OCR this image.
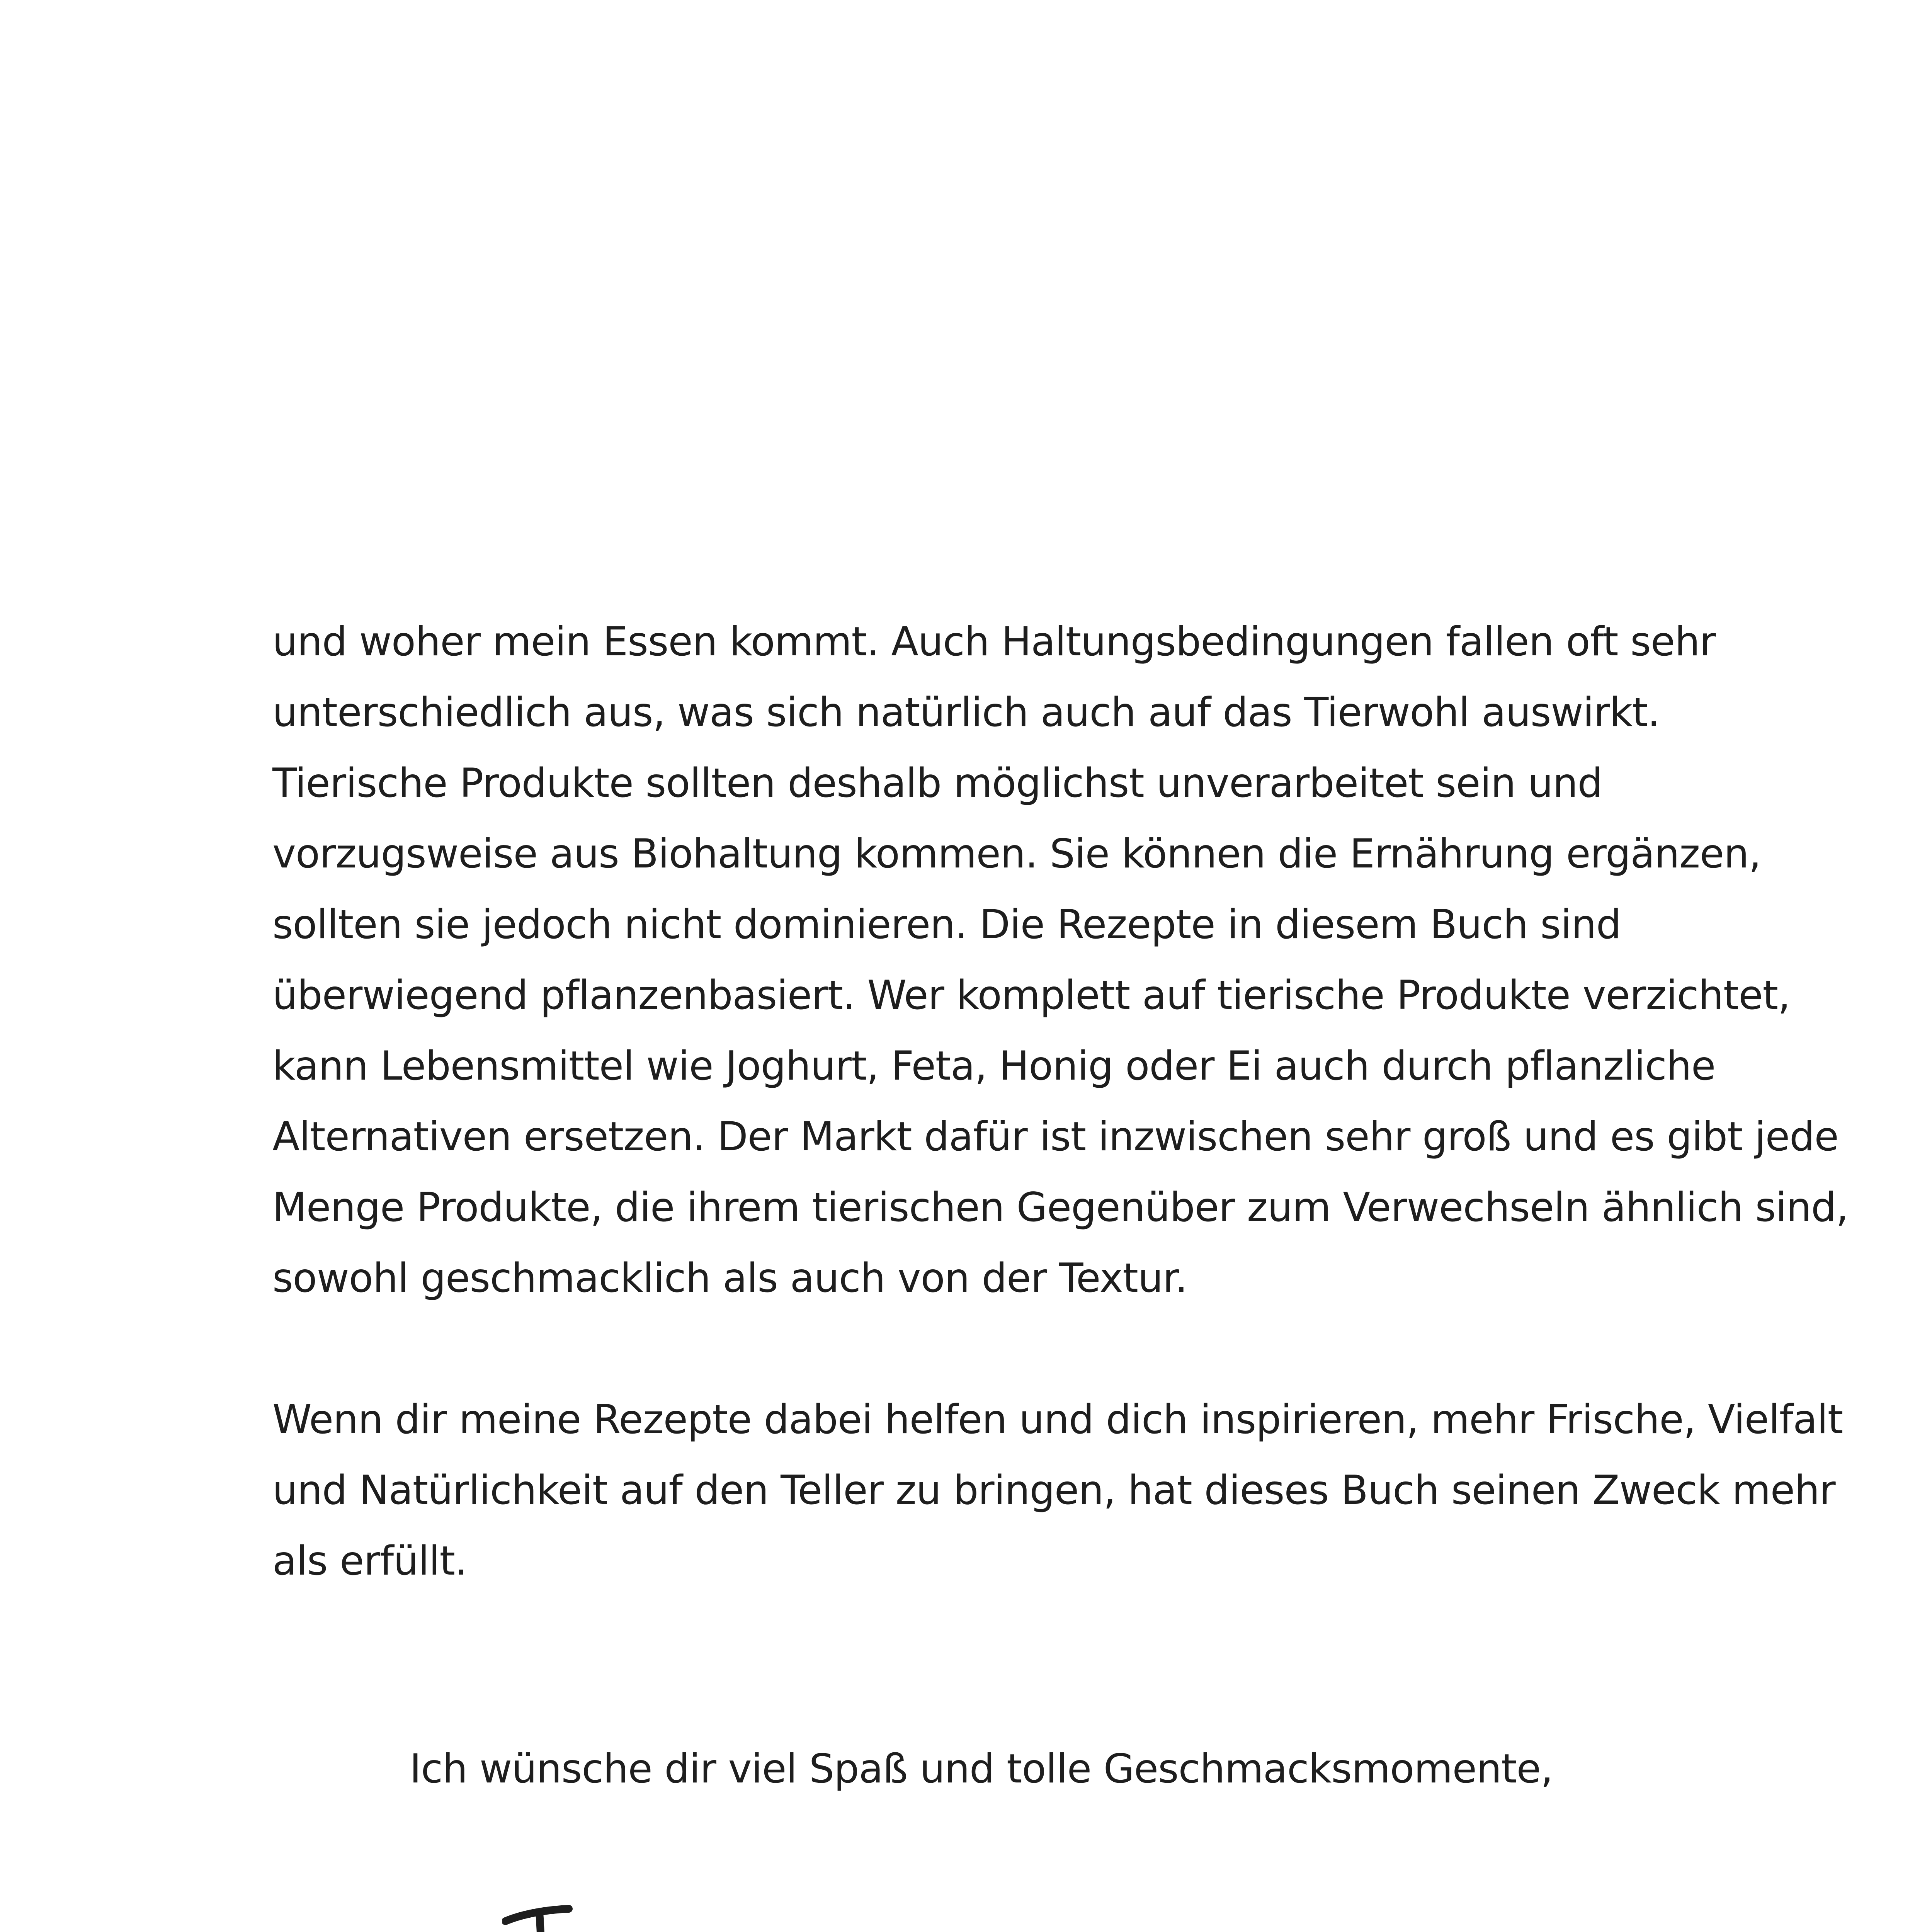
und woher mein Essen kommt. Auch Haltungsbedingungen fallen oft sehr
unterschiedlich aus, was sich natürlich auch auf das Tierwohl auswirkt.
Tierische Produkte sollten deshalb möglichst unverarbeitet sein und
vorzugsweise aus Biohaltung kommen. Sie können die Ernährung ergänzen,
sollten sie jedoch nicht dominieren. Die Rezepte in diesem Buch sind
überwiegend pflanzenbasiert. Wer komplett auf tierische Produkte verzichtet,
kann Lebensmittel wie Joghurt, Feta, Honig oder Ei auch durch pflanzliche
Alternativen ersetzen. Der Markt dafür ist inzwischen sehr groß und es gibt jede
Menge Produkte, die ihrem tierischen Gegenüber zum Verwechseln ähnlich sind,
sowohl geschmacklich als auch von der Textur.

Wenn dir meine Rezepte dabei helfen und dich inspirieren, mehr Frische, Vielfalt
und Natürlichkeit auf den Teller zu bringen, hat dieses Buch seinen Zweck mehr
als erfüllt.

Ich wünsche dir viel Spaß und tolle Geschmacksmomente,
